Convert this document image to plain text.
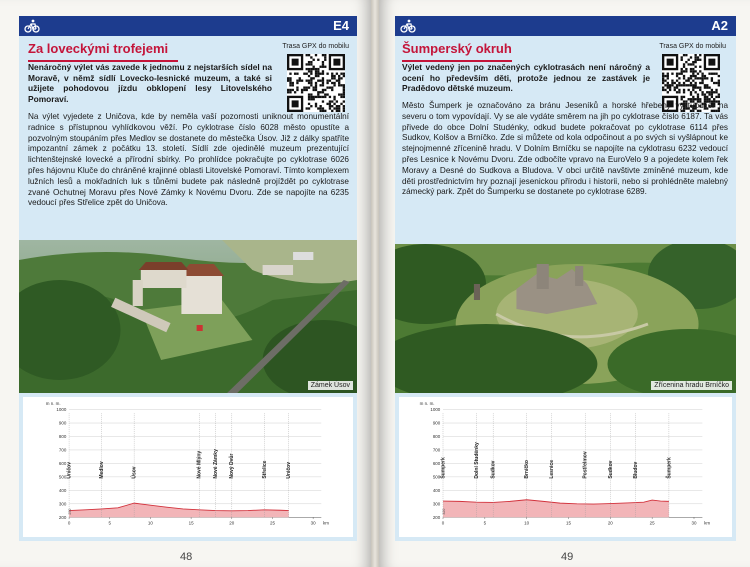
E4
Za loveckými trofejemi	Trasa GPX do mobilu
Nenáročný výlet vás zavede k jednomu z nejstarších sídel na Moravě, v němž sídlí Lovecko-lesnické muzeum, a také si užijete pohodovou jízdu obklopení lesy Litovelského Pomoraví.
Na výlet vyjedete z Uničova, kde by neměla vaší pozornosti uniknout monumentální radnice s přístupnou vyhlídkovou věží. Po cyklotrase číslo 6028 město opustíte a pozvolným stoupáním přes Medlov se dostanete do městečka Úsov. Již z dálky spatříte impozantní zámek z počátku 13. století. Sídlí zde ojedinělé muzeum prezentující lichtenštejnské lovecké a přírodní sbírky. Po prohlídce pokračujte po cyklotrase 6026 přes hájovnu Kluče do chráněné krajinné oblasti Litovelské Pomoraví. Tímto komplexem lužních lesů a mokřadních luk s tůněmi budete pak následně projíždět po cyklotrase zvané Ochutnej Moravu přes Nové Zámky k Novému Dvoru. Zde se napojíte na 6235 vedoucí přes Střelice zpět do Uničova.
Zámek Úsov
m n. m.
1000
900
800
700
600
500
400
300
200
0	5	10	15	20	25	30 km
250
Uničov	Medlov	Úsov	Nové Mlýny Nové Zámky Nový Dvůr	Střelice	Uničov
48
A2
Šumperský okruh	Trasa GPX do mobilu
Výlet vedený jen po značených cyklotrasách není náročný a ocení ho především děti, protože jednou ze zastávek je Pradědovo dětské muzeum.
Město Šumperk je označováno za bránu Jeseníků a horské hřebeny vystupující na severu o tom vypovídají. Vy se ale vydáte směrem na jih po cyklotrase číslo 6187. Ta vás přivede do obce Dolní Studénky, odkud budete pokračovat po cyklotrase 6114 přes Sudkov, Kolšov a Brníčko. Zde si můžete od kola odpočinout a po svých si vyšlápnout ke stejnojmenné zřícenině hradu. V Dolním Brníčku se napojíte na cyklotrasu 6232 vedoucí přes Lesnice k Novému Dvoru. Zde odbočíte vpravo na EuroVelo 9 a pojedete kolem řek Moravy a Desné do Sudkova a Bludova. V obci určitě navštivte zmíněné muzeum, kde děti prostřednictvím hry poznají jesenickou přírodu i historii, nebo si prohlédněte malebný zámecký park. Zpět do Šumperku se dostanete po cyklotrase 6289.
Zřícenina hradu Brníčko
m n. m.
1000
900
800
700
600
500
400
300
200
0	5	10	15	20	25	30 km
320
Šumperk	Dolní Studénky Sudkov	Brníčko	Lesnice	Postřelmov	Sudkov	Bludov	Šumperk
49
